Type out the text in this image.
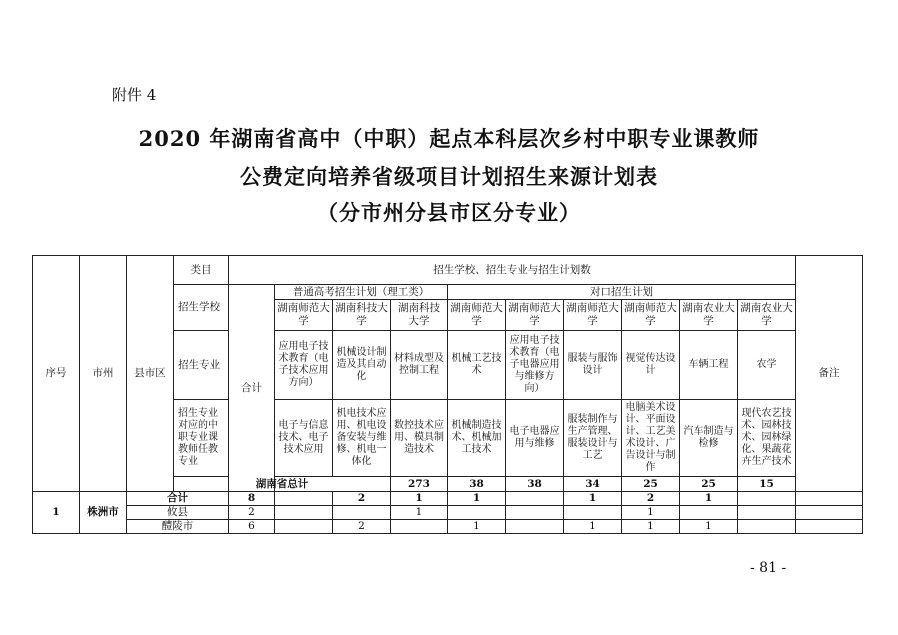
附件 4
2020 年湖南省高中（中职）起点本科层次乡村中职专业课教师
公费定向培养省级项目计划招生来源计划表
（分市州分县市区分专业）
序号	市州	县市区	类目	招生学校、招生专业与招生计划数										备注	
			招生学校	合计	普通高考招生计划（理工类）			对口招生计划							
					湖南师范大学	湖南科技大学	湖南科技大学	湖南师范大学	湖南师范大学	湖南师范大学	湖南师范大学	湖南农业大学	湖南农业大学		
			招生专业		应用电子技术教育（电子技术应用方向）	机械设计制造及其自动化	材料成型及控制工程	机械工艺技术	应用电子技术教育（电子电器应用与维修方向）	服装与服饰设计	视觉传达设计	车辆工程	农学		
			招生专业对应的中职专业课教师任教专业		电子与信息技术、电子技术应用	机电技术应用、机电设备安装与维修、机电一体化	数控技术应用、模具制造技术	机械制造技术、机械加工技术	电子电器应用与维修	服装制作与生产管理、服装设计与工艺	电脑美术设计、平面设计、工艺美术设计、广告设计与制作	汽车制造与检修	现代农艺技术、园林技术、园林绿化、果蔬花卉生产技术		
			湖南省总计				273	38	38	34	25	25	15				
1	株洲市	合计		8		2	1	1		1	2	1			
		攸县		2			1				1				
		醴陵市		6		2		1		1	1	1			
- 81 -
